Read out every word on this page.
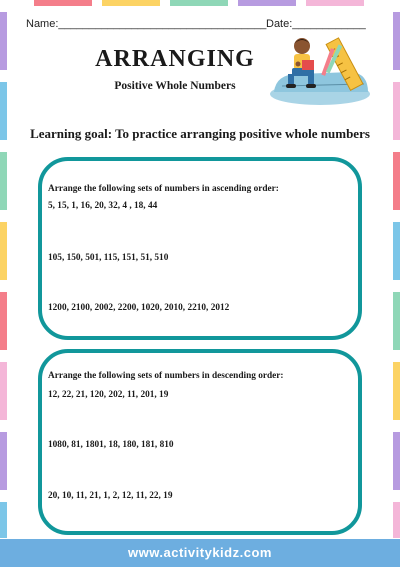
Name:__________________________________ Date:____________
ARRANGING
Positive Whole Numbers
Learning goal: To practice arranging positive whole numbers
Arrange the following sets of numbers in ascending order:
5, 15, 1, 16, 20, 32, 4 , 18, 44
105, 150, 501, 115, 151, 51, 510
1200, 2100, 2002, 2200, 1020, 2010, 2210, 2012
Arrange the following sets of numbers in descending order:
12, 22, 21, 120, 202, 11, 201, 19
1080, 81, 1801, 18, 180, 181, 810
20, 10, 11, 21, 1, 2, 12, 11, 22, 19
www.activitykidz.com
